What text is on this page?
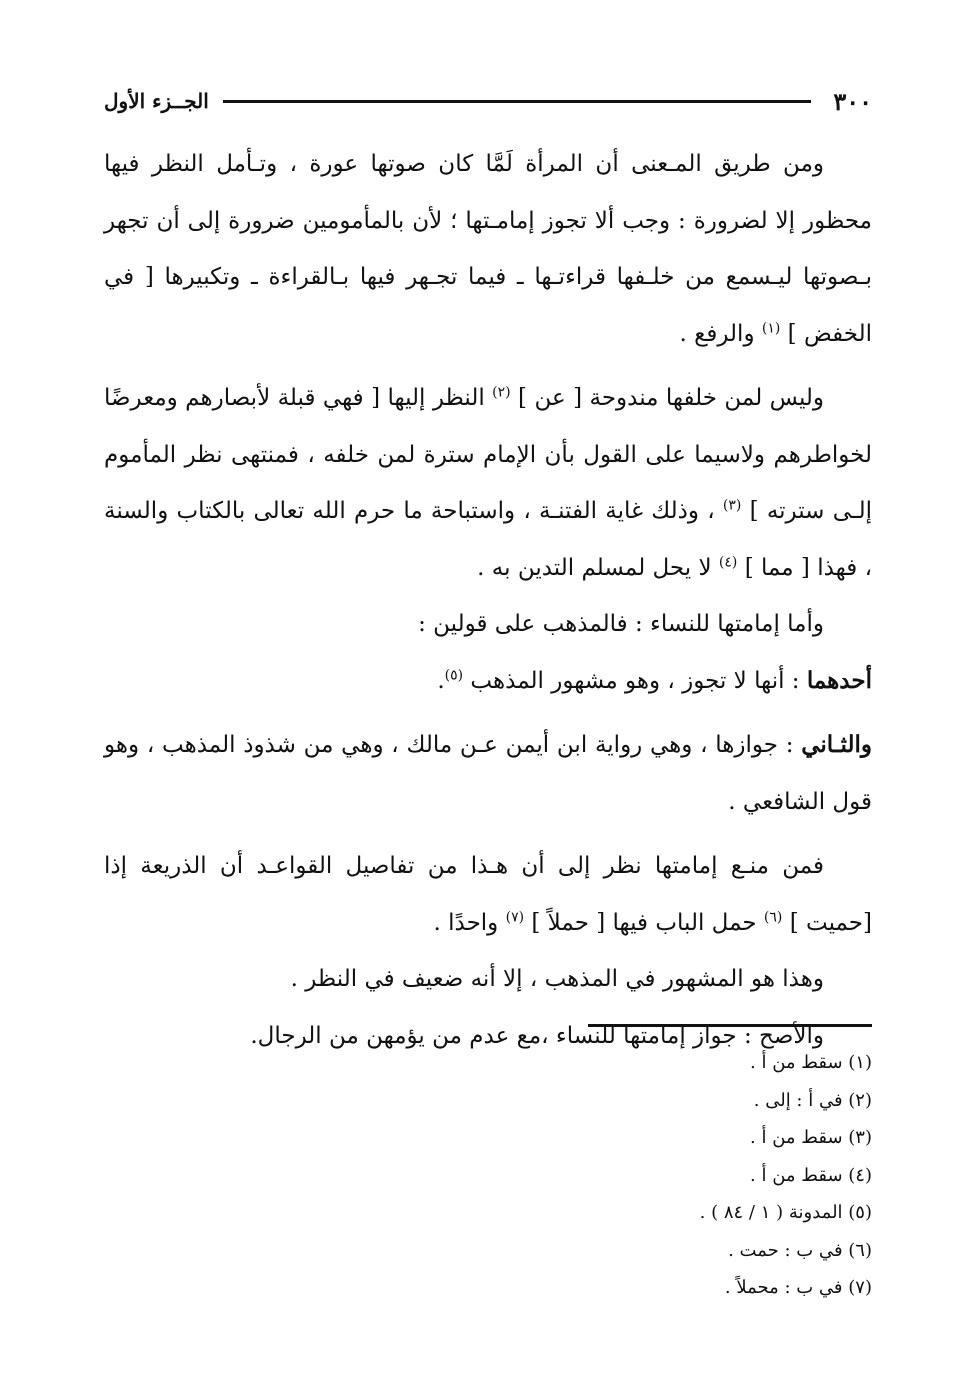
٣٠٠
الجــزء الأول

ومن طريق المـعنى أن المرأة لَمَّا كان صوتها عورة ، وتـأمل النظر فيها محظور إلا لضرورة : وجب ألا تجوز إمامـتها ؛ لأن بالمأمومين ضرورة إلى أن تجهر بـصوتها ليـسمع من خلـفها قراءتـها ـ فيما تجـهر فيها بـالقراءة ـ وتكبيرها [ في الخفض ] $^{(١)}$ والرفع .

وليس لمن خلفها مندوحة [ عن ] $^{(٢)}$ النظر إليها [ فهي قبلة لأبصارهم ومعرضًا لخواطرهم ولاسيما على القول بأن الإمام سترة لمن خلفه ، فمنتهى نظر المأموم إلـى سترته ] $^{(٣)}$ ، وذلك غاية الفتنـة ، واستباحة ما حرم الله تعالى بالكتاب والسنة ، فهذا [ مما ] $^{(٤)}$ لا يحل لمسلم التدين به .

وأما إمامتها للنساء : فالمذهب على قولين :

أحدهما : أنها لا تجوز ، وهو مشهور المذهب $^{(٥)}$.

والثـاني : جوازها ، وهي رواية ابن أيمن عـن مالك ، وهي من شذوذ المذهب ، وهو قول الشافعي .

فمن منـع إمامتها نظر إلى أن هـذا من تفاصيل القواعـد أن الذريعة إذا [حميت ] $^{(٦)}$ حمل الباب فيها [ حملاً ] $^{(٧)}$ واحدًا .

وهذا هو المشهور في المذهب ، إلا أنه ضعيف في النظر .

والأصح : جواز إمامتها للنساء ،مع عدم من يؤمهن من الرجال.

(١) سقط من أ .

(٢) في أ : إلى .

(٣) سقط من أ .

(٤) سقط من أ .

(٥) المدونة ( ١ / ٨٤ ) .

(٦) في ب : حمت .

(٧) في ب : محملاً .
